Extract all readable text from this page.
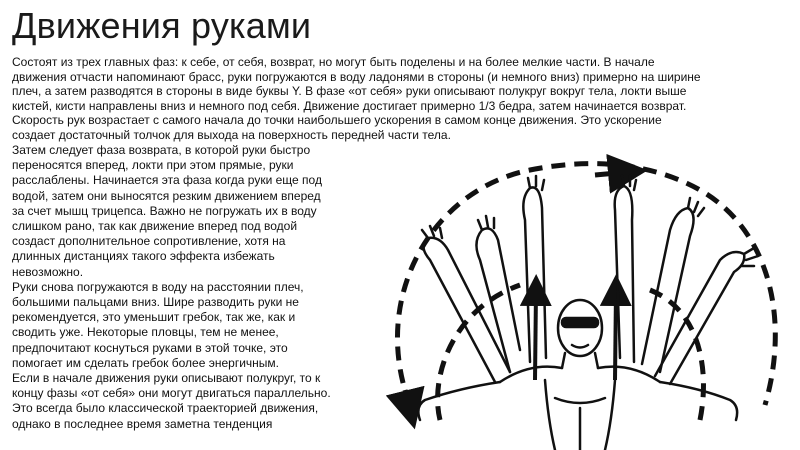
Движения руками
Состоят из трех главных фаз: к себе, от себя, возврат, но могут быть поделены и на более мелкие части. В начале
движения отчасти напоминают брасс, руки погружаются в воду ладонями в стороны (и немного вниз) примерно на ширине
плеч, а затем разводятся в стороны в виде буквы Y. В фазе «от себя» руки описывают полукруг вокруг тела, локти выше
кистей, кисти направлены вниз и немного под себя. Движение достигает примерно 1/3 бедра, затем начинается возврат.
Скорость рук возрастает с самого начала до точки наибольшего ускорения в самом конце движения. Это ускорение
создает достаточный толчок для выхода на поверхность передней части тела.
Затем следует фаза возврата, в которой руки быстро
переносятся вперед, локти при этом прямые, руки
расслаблены. Начинается эта фаза когда руки еще под
водой, затем они выносятся резким движением вперед
за счет мышц трицепса. Важно не погружать их в воду
слишком рано, так как движение вперед под водой
создаст дополнительное сопротивление, хотя на
длинных дистанциях такого эффекта избежать
невозможно.
Руки снова погружаются в воду на расстоянии плеч,
большими пальцами вниз. Шире разводить руки не
рекомендуется, это уменьшит гребок, так же, как и
сводить уже. Некоторые пловцы, тем не менее,
предпочитают коснуться руками в этой точке, это
помогает им сделать гребок более энергичным.
Если в начале движения руки описывают полукруг, то к
концу фазы «от себя» они могут двигаться параллельно.
Это всегда было классической траекторией движения,
однако в последнее время заметна тенденция
